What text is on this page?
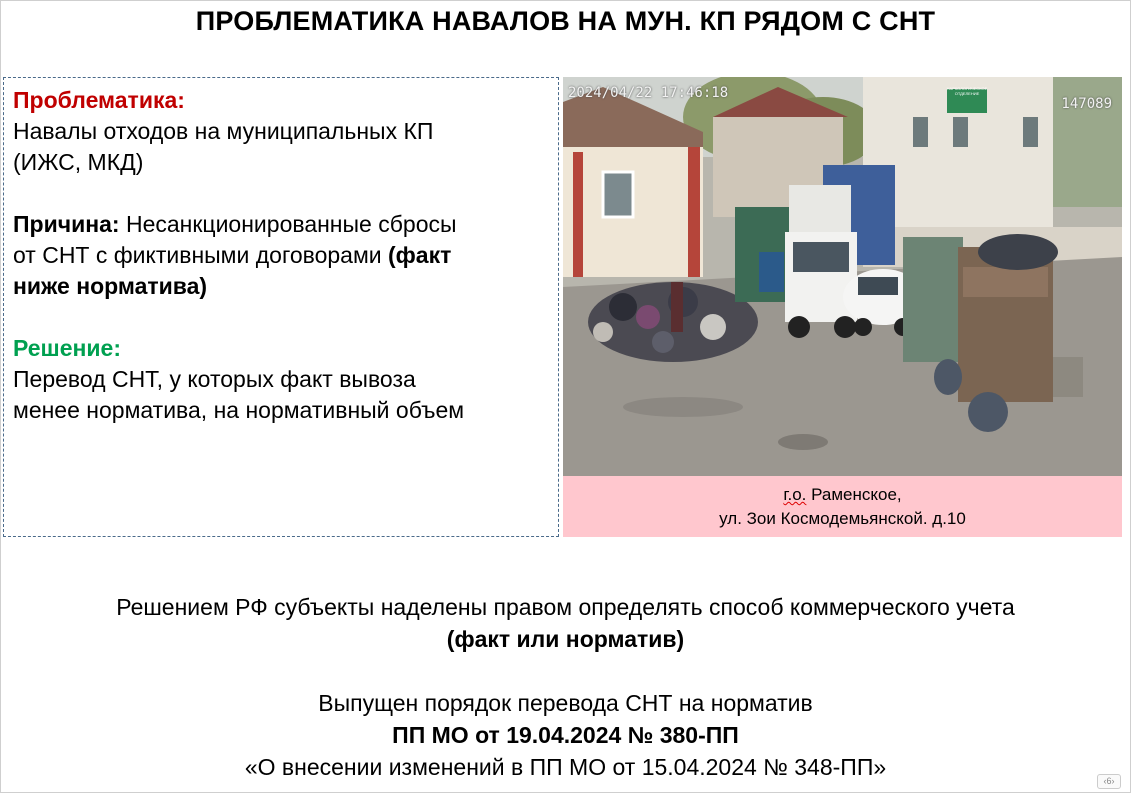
ПРОБЛЕМАТИКА НАВАЛОВ НА МУН. КП РЯДОМ С СНТ

Проблематика:

Навалы отходов на муниципальных КП

(ИЖС, МКД)

Причина: Несанкционированные сбросы

от СНТ с фиктивными договорами (факт

ниже норматива)

Решение:

Перевод СНТ, у которых факт вывоза

менее норматива, на нормативный объем

2024/04/22 17:46:18
147089
НАРКОЛОГИЧЕСКОЕ ОТДЕЛЕНИЕ
г.о. Раменское,
ул. Зои Космодемьянской. д.10
Решением РФ субъекты наделены правом определять способ коммерческого учета
(факт или норматив)
Выпущен порядок перевода СНТ на норматив
ПП МО от 19.04.2024 № 380-ПП
«О внесении изменений в ПП МО от 15.04.2024 № 348-ПП»
‹6›
